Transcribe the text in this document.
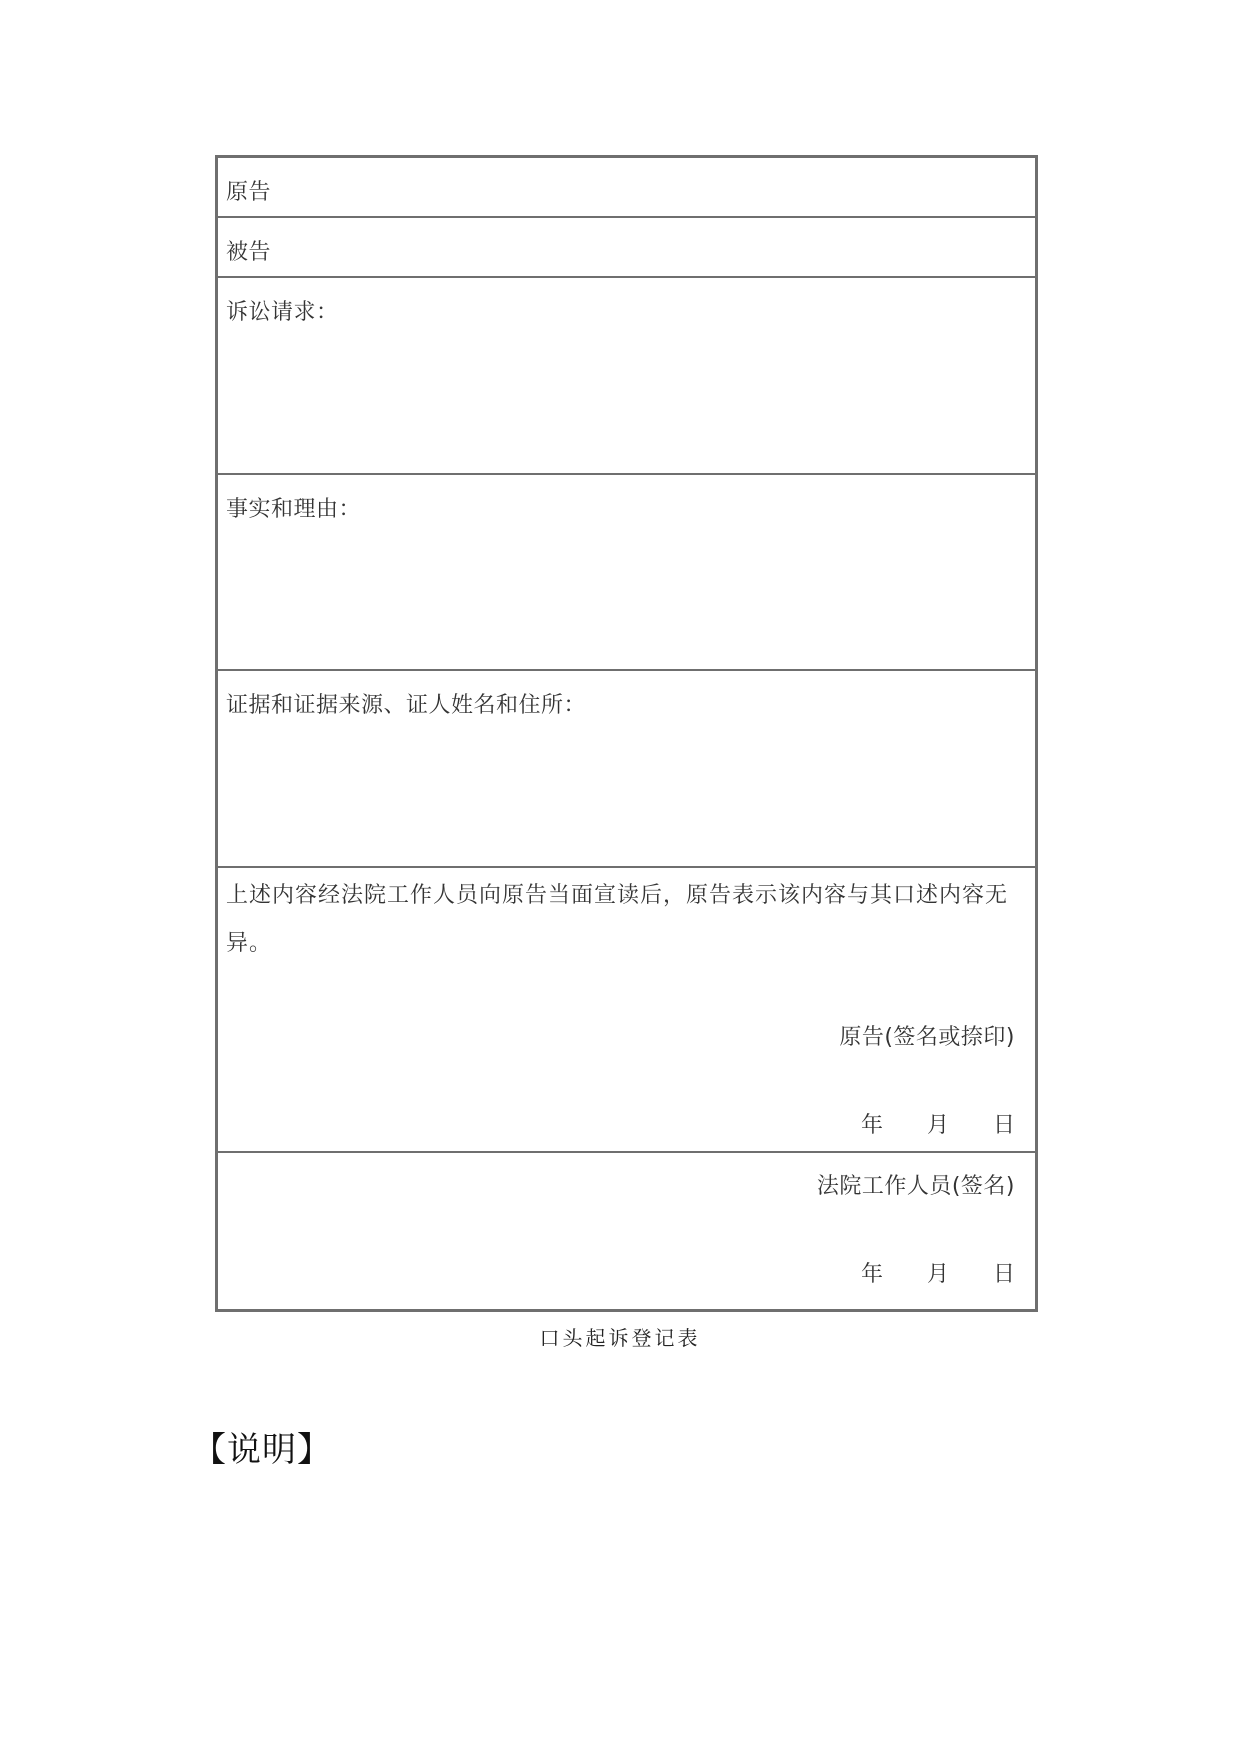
原告
被告
诉讼请求：
事实和理由：
证据和证据来源、证人姓名和住所：
上述内容经法院工作人员向原告当面宣读后，原告表示该内容与其口述内容无异。
原告(签名或捺印)
年 月 日
法院工作人员(签名)
年 月 日
口头起诉登记表
【说明】
